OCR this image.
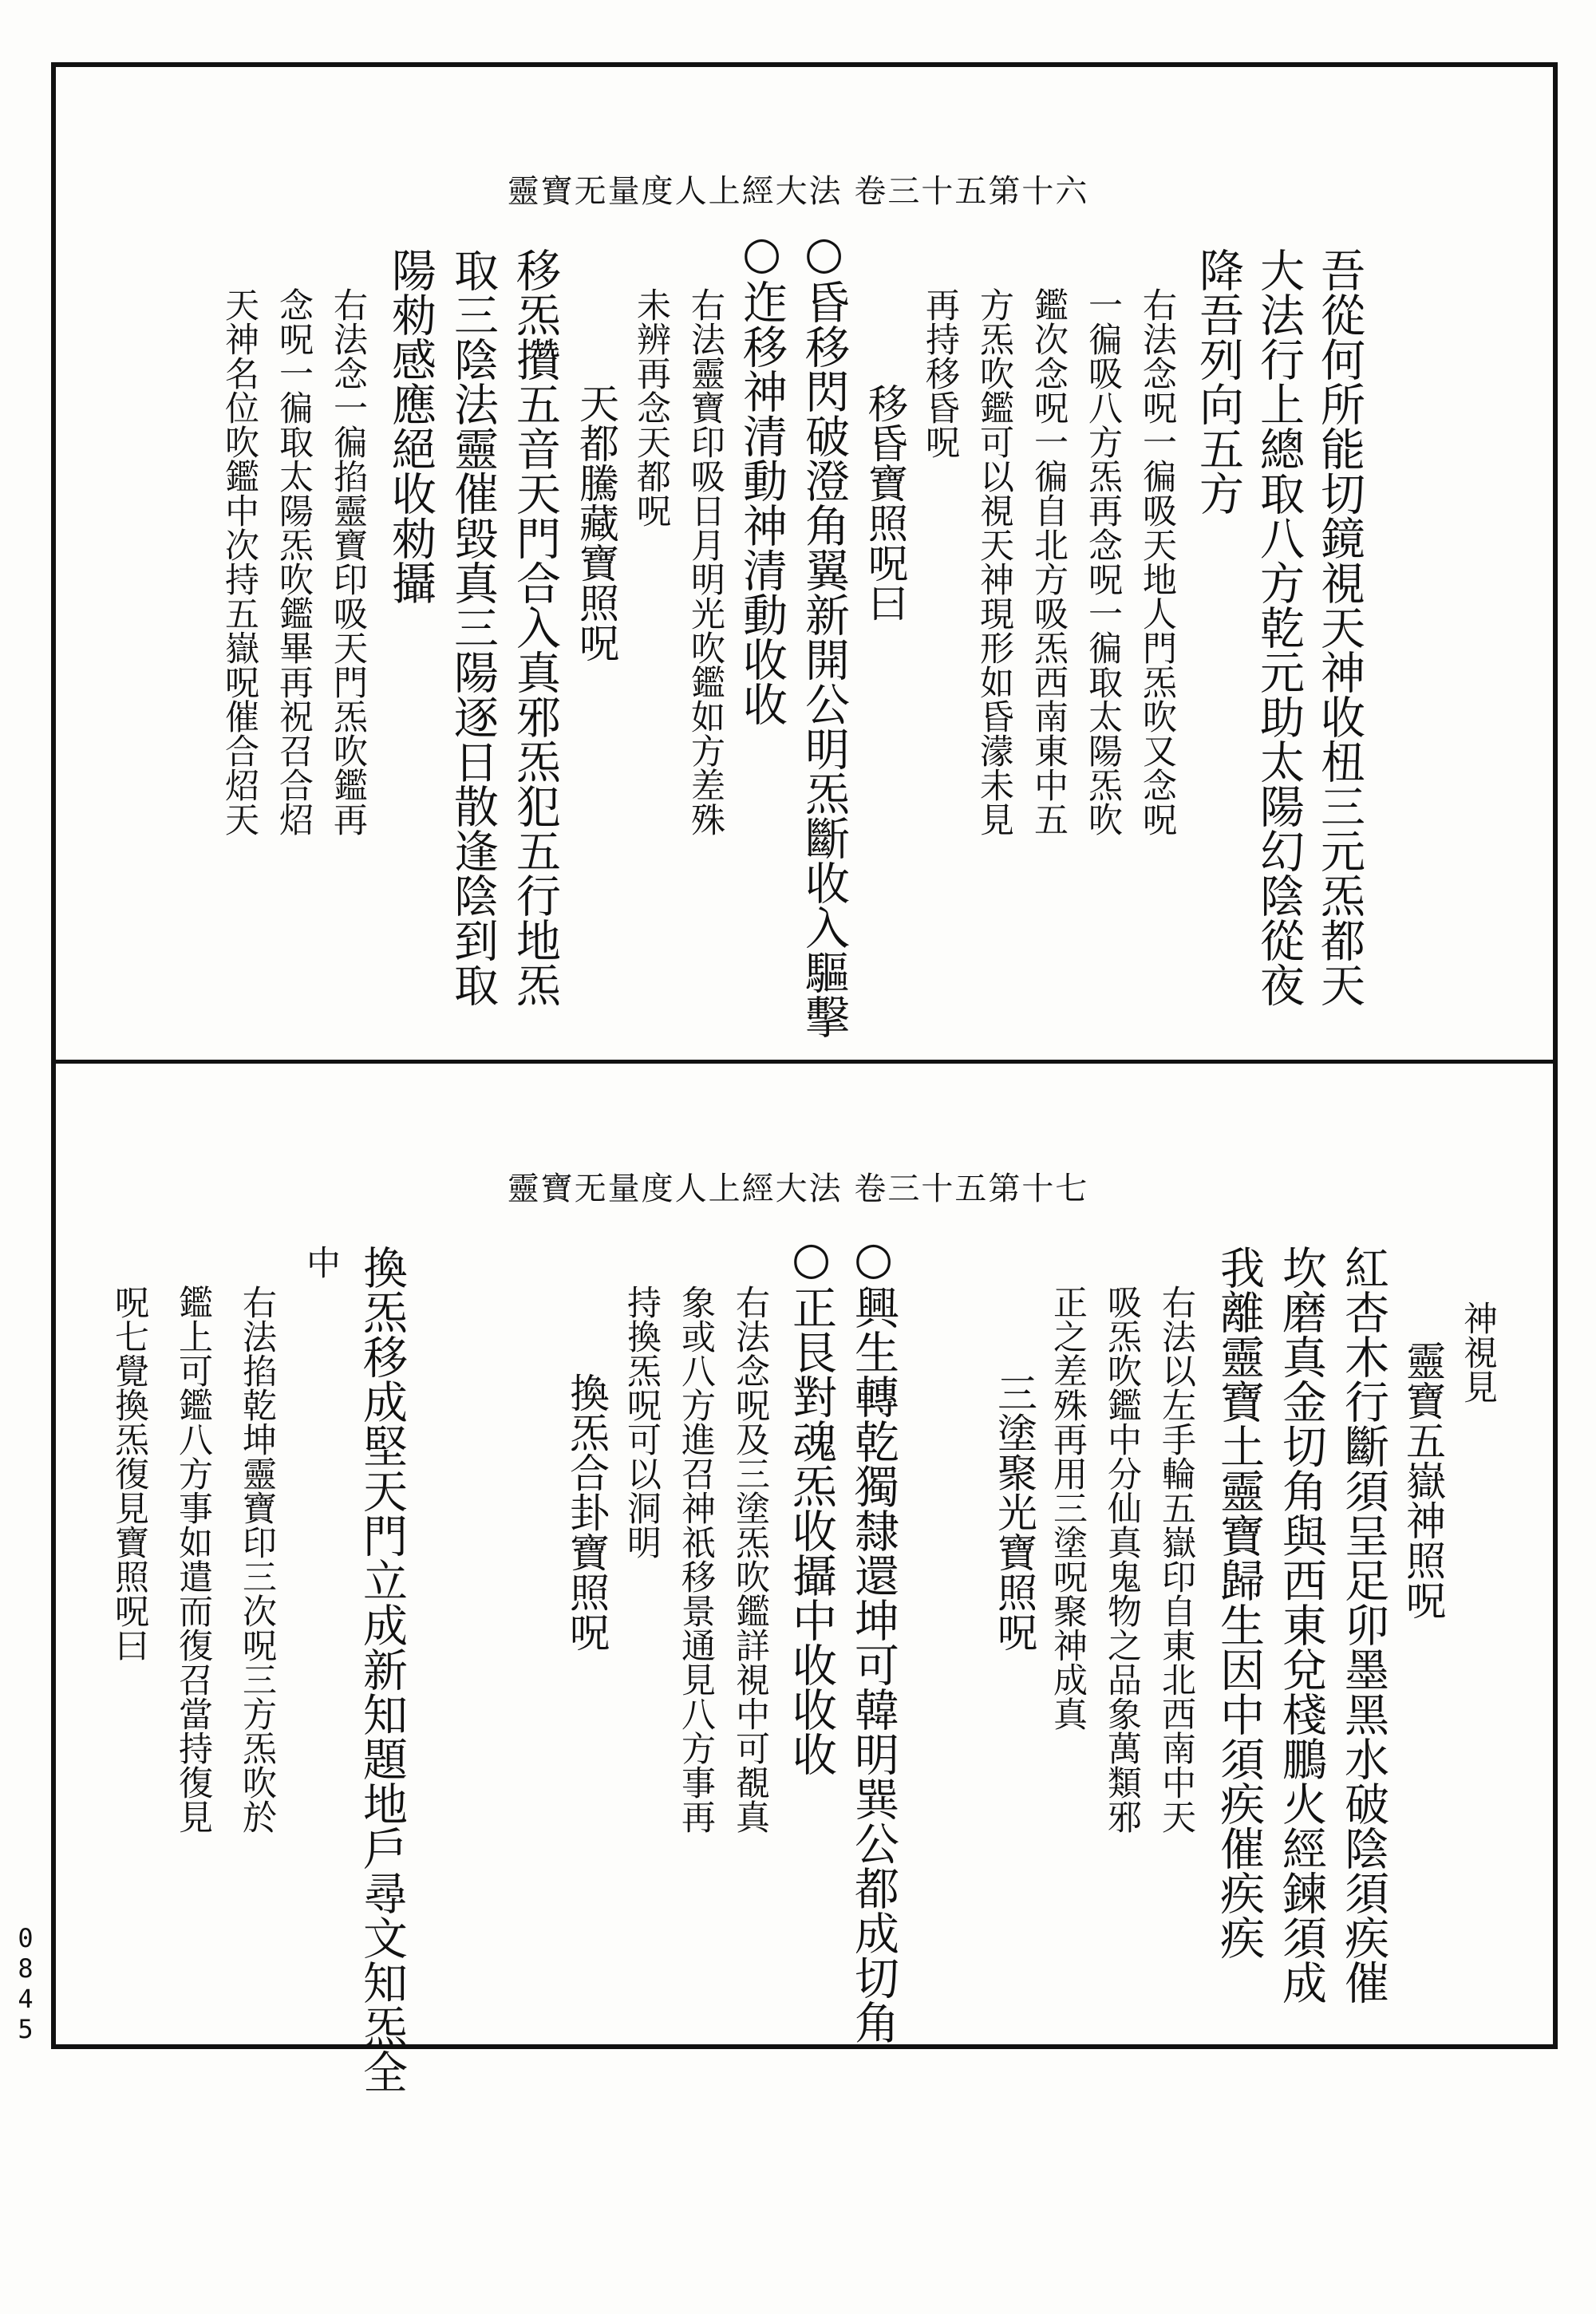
靈寶无量度人上經大法 卷三十五第十六
吾從何所能切鏡視天神收杻三元炁都天
大法行上總取八方乾元助太陽幻陰從夜
降吾列向五方
右法念呪一徧吸天地人門炁吹又念呪
一徧吸八方炁再念呪一徧取太陽炁吹
鑑次念呪一徧自北方吸炁西南東中五
方炁吹鑑可以視天神現形如昏濛未見
再持移昏呪
移昏寶照呪曰
○昏移閃破澄角翼新開公明炁斷收入驅擊
○迮移神清動神清動收收
右法靈寶印吸日月明光吹鑑如方差殊
未辨再念天都呪
天都騰藏寶照呪
移炁攢五音天門合入真邪炁犯五行地炁
取三陰法靈催毀真三陽逐日散逢陰到取
陽勑感應絕收勑攝
右法念一徧掐靈寶印吸天門炁吹鑑再
念呪一徧取太陽炁吹鑑畢再祝召合炤
天神名位吹鑑中次持五嶽呪催合炤天
靈寶无量度人上經大法 卷三十五第十七
神視見
靈寶五嶽神照呪
紅杏木行斷須呈足卯墨黑水破陰須疾催
坎磨真金切角與西東兌棧鵬火經鍊須成
我離靈寶土靈寶歸生因中須疾催疾疾
右法以左手輪五嶽印自東北西南中天
吸炁吹鑑中分仙真鬼物之品象萬類邪
正之差殊再用三塗呪聚神成真
三塗聚光寶照呪
○興生轉乾獨隸還坤可韓明巽公都成切角
○正艮對魂炁收攝中收收收
右法念呪及三塗炁吹鑑詳視中可覩真
象或八方進召神祇移景通見八方事再
持換炁呪可以洞明
換炁合卦寶照呪
換炁移成堅天門立成新知題地戶尋文知炁全
中
右法掐乾坤靈寶印三次呪三方炁吹於
鑑上可鑑八方事如遣而復召當持復見
呪七覺換炁復見寶照呪曰
0
8
4
5
